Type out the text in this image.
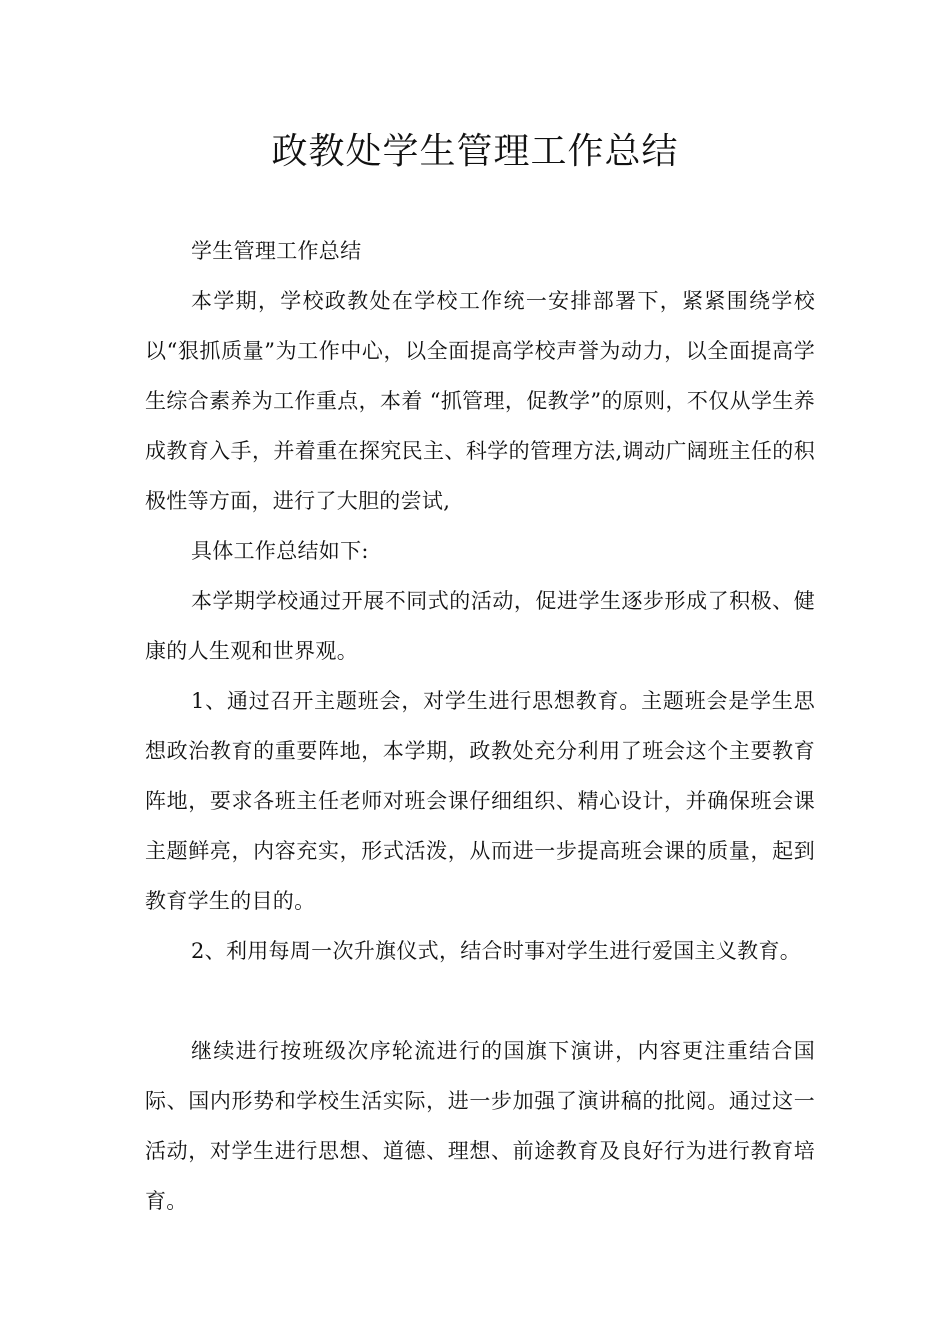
政教处学生管理工作总结

学生管理工作总结

本学期，学校政教处在学校工作统一安排部署下，紧紧围绕学校以“狠抓质量”为工作中心，以全面提高学校声誉为动力，以全面提高学生综合素养为工作重点，本着 “抓管理，促教学”的原则，不仅从学生养成教育入手，并着重在探究民主、科学的管理方法,调动广阔班主任的积极性等方面，进行了大胆的尝试,

具体工作总结如下:

本学期学校通过开展不同式的活动，促进学生逐步形成了积极、健康的人生观和世界观。

1、通过召开主题班会，对学生进行思想教育。主题班会是学生思想政治教育的重要阵地，本学期，政教处充分利用了班会这个主要教育阵地，要求各班主任老师对班会课仔细组织、精心设计，并确保班会课主题鲜亮，内容充实，形式活泼，从而进一步提高班会课的质量，起到教育学生的目的。

2、利用每周一次升旗仪式，结合时事对学生进行爱国主义教育。

继续进行按班级次序轮流进行的国旗下演讲，内容更注重结合国际、国内形势和学校生活实际，进一步加强了演讲稿的批阅。通过这一活动，对学生进行思想、道德、理想、前途教育及良好行为进行教育培育。
